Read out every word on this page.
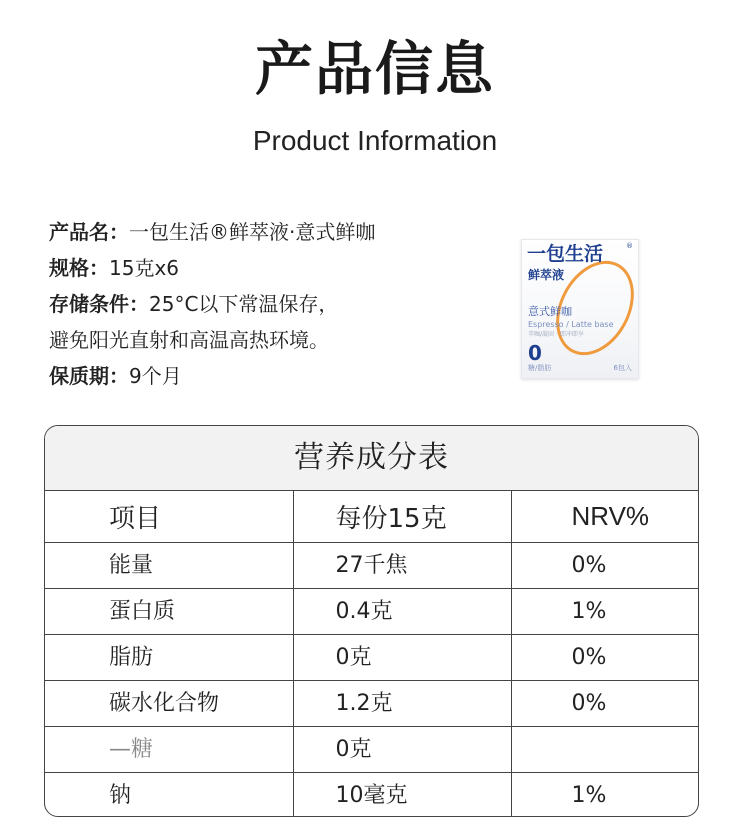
产品信息
Product Information
产品名：一包生活®鲜萃液·意式鲜咖
规格：15克x6
存储条件：25°C以下常温保存，
避免阳光直射和高温高热环境。
保质期：9个月
一包生活	®
鲜萃液
意式鲜咖
Espresso / Latte base
萃咖/凝固 · 即冲即享
0
糖/脂肪	6包入
营养成分表
项目	每份15克	NRV%
能量	27千焦	0%
蛋白质	0.4克	1%
脂肪	0克	0%
碳水化合物	1.2克	0%
—糖	0克	
钠	10毫克	1%
